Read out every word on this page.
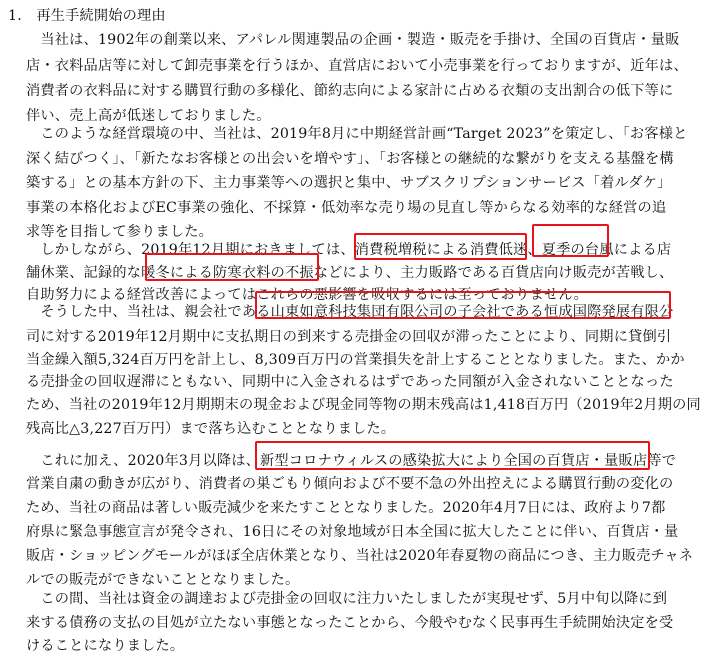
1.　再生手続開始の理由
　当社は、1902年の創業以来、アパレル関連製品の企画・製造・販売を手掛け、全国の百貨店・量販
店・衣料品店等に対して卸売事業を行うほか、直営店において小売事業を行っておりますが、近年は、
消費者の衣料品に対する購買行動の多様化、節約志向による家計に占める衣類の支出割合の低下等に
伴い、売上高が低迷しておりました。
　このような経営環境の中、当社は、2019年8月に中期経営計画“Target 2023”を策定し、「お客様と
深く結びつく」、「新たなお客様との出会いを増やす」、「お客様との継続的な繋がりを支える基盤を構
築する」との基本方針の下、主力事業等への選択と集中、サブスクリプションサービス「着ルダケ」
事業の本格化およびEC事業の強化、不採算・低効率な売り場の見直し等からなる効率的な経営の追
求等を目指して参りました。
　しかしながら、2019年12月期におきましては、消費税増税による消費低迷、夏季の台風による店
舗休業、記録的な暖冬による防寒衣料の不振などにより、主力販路である百貨店向け販売が苦戦し、
自助努力による経営改善によってはこれらの悪影響を吸収するには至っておりません。
　そうした中、当社は、親会社である山東如意科技集団有限公司の子会社である恒成国際発展有限公
司に対する2019年12月期中に支払期日の到来する売掛金の回収が滞ったことにより、同期に貸倒引
当金繰入額5,324百万円を計上し、8,309百万円の営業損失を計上することとなりました。また、かか
る売掛金の回収遅滞にともない、同期中に入金されるはずであった同額が入金されないこととなった
ため、当社の2019年12月期期末の現金および現金同等物の期末残高は1,418百万円（2019年2月期の同
残高比△3,227百万円）まで落ち込むこととなりました。
　これに加え、2020年3月以降は、新型コロナウィルスの感染拡大により全国の百貨店・量販店等で
営業自粛の動きが広がり、消費者の巣ごもり傾向および不要不急の外出控えによる購買行動の変化の
ため、当社の商品は著しい販売減少を来たすこととなりました。2020年4月7日には、政府より7都
府県に緊急事態宣言が発令され、16日にその対象地域が日本全国に拡大したことに伴い、百貨店・量
販店・ショッピングモールがほぼ全店休業となり、当社は2020年春夏物の商品につき、主力販売チャネ
ルでの販売ができないこととなりました。
　この間、当社は資金の調達および売掛金の回収に注力いたしましたが実現せず、5月中旬以降に到
来する債務の支払の目処が立たない事態となったことから、今般やむなく民事再生手続開始決定を受
けることになりました。
